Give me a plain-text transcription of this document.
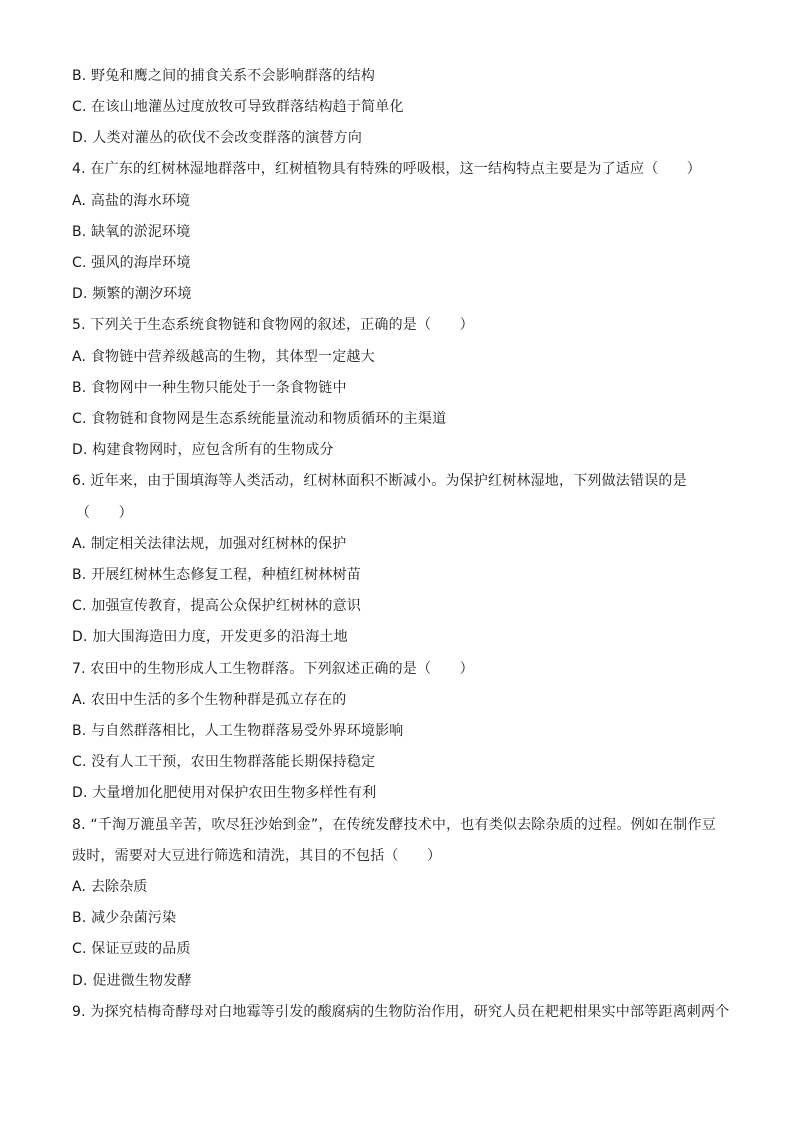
B. 野兔和鹰之间的捕食关系不会影响群落的结构
C. 在该山地灌丛过度放牧可导致群落结构趋于简单化
D. 人类对灌丛的砍伐不会改变群落的演替方向
4. 在广东的红树林湿地群落中，红树植物具有特殊的呼吸根，这一结构特点主要是为了适应（　　）
A. 高盐的海水环境
B. 缺氧的淤泥环境
C. 强风的海岸环境
D. 频繁的潮汐环境
5. 下列关于生态系统食物链和食物网的叙述，正确的是（　　）
A. 食物链中营养级越高的生物，其体型一定越大
B. 食物网中一种生物只能处于一条食物链中
C. 食物链和食物网是生态系统能量流动和物质循环的主渠道
D. 构建食物网时，应包含所有的生物成分
6. 近年来，由于围填海等人类活动，红树林面积不断减小。为保护红树林湿地，下列做法错误的是
（　　）
A. 制定相关法律法规，加强对红树林的保护
B. 开展红树林生态修复工程，种植红树林树苗
C. 加强宣传教育，提高公众保护红树林的意识
D. 加大围海造田力度，开发更多的沿海土地
7. 农田中的生物形成人工生物群落。下列叙述正确的是（　　）
A. 农田中生活的多个生物种群是孤立存在的
B. 与自然群落相比，人工生物群落易受外界环境影响
C. 没有人工干预，农田生物群落能长期保持稳定
D. 大量增加化肥使用对保护农田生物多样性有利
8. “千淘万漉虽辛苦，吹尽狂沙始到金”，在传统发酵技术中，也有类似去除杂质的过程。例如在制作豆
豉时，需要对大豆进行筛选和清洗，其目的不包括（　　）
A. 去除杂质
B. 减少杂菌污染
C. 保证豆豉的品质
D. 促进微生物发酵
9. 为探究桔梅奇酵母对白地霉等引发的酸腐病的生物防治作用，研究人员在耙耙柑果实中部等距离刺两个
